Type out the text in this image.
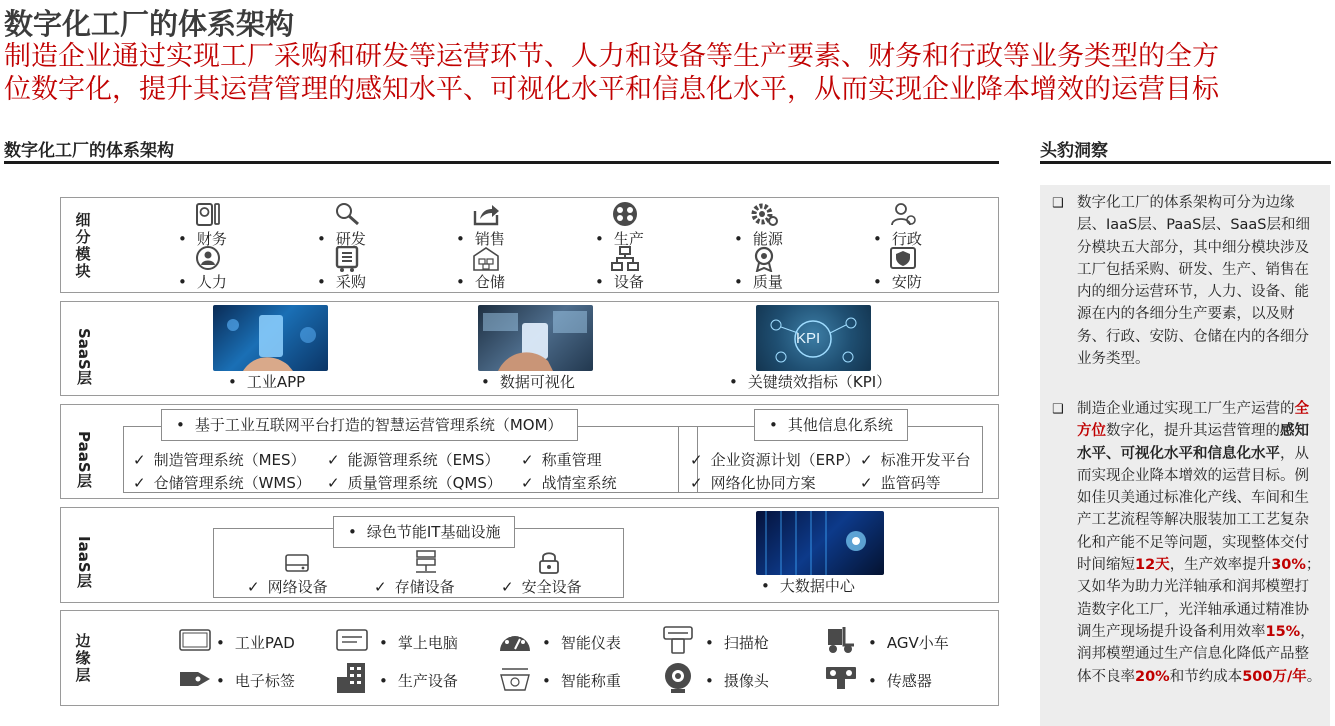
数字化工厂的体系架构
制造企业通过实现工厂采购和研发等运营环节、人力和设备等生产要素、财务和行政等业务类型的全方
位数字化，提升其运营管理的感知水平、可视化水平和信息化水平，从而实现企业降本增效的运营目标
数字化工厂的体系架构	头豹洞察
细分模块
• 财务	• 研发	• 销售	• 生产	• 能源	• 行政
• 人力	• 采购	• 仓储	• 设备	• 质量	• 安防
SaaS层	KPI
• 工业APP	• 数据可视化	• 关键绩效指标（KPI）
PaaS层
• 基于工业互联网平台打造的智慧运营管理系统（MOM）
✓ 制造管理系统（MES）	✓ 能源管理系统（EMS）	✓ 称重管理
✓ 仓储管理系统（WMS）	✓ 质量管理系统（QMS）	✓ 战情室系统
• 其他信息化系统
✓ 企业资源计划（ERP）	✓ 标准开发平台
✓ 网络化协同方案	✓ 监管码等
IaaS层
• 绿色节能IT基础设施
✓ 网络设备	✓ 存储设备	✓ 安全设备	• 大数据中心
边缘层
• 工业PAD	• 掌上电脑	• 智能仪表	• 扫描枪	• AGV小车
• 电子标签	• 生产设备	• 智能称重	• 摄像头	• 传感器
❑ 数字化工厂的体系架构可分为边缘层、IaaS层、PaaS层、SaaS层和细分模块五大部分，其中细分模块涉及工厂包括采购、研发、生产、销售在内的细分运营环节，人力、设备、能源在内的各细分生产要素，以及财务、行政、安防、仓储在内的各细分业务类型。
❑ 制造企业通过实现工厂生产运营的全方位数字化，提升其运营管理的感知水平、可视化水平和信息化水平，从而实现企业降本增效的运营目标。例如佳贝美通过标准化产线、车间和生产工艺流程等解决服装加工工艺复杂化和产能不足等问题，实现整体交付时间缩短12天，生产效率提升30%；又如华为助力光洋轴承和润邦模塑打造数字化工厂，光洋轴承通过精准协调生产现场提升设备利用效率15%，润邦模塑通过生产信息化降低产品整体不良率20%和节约成本500万/年。
